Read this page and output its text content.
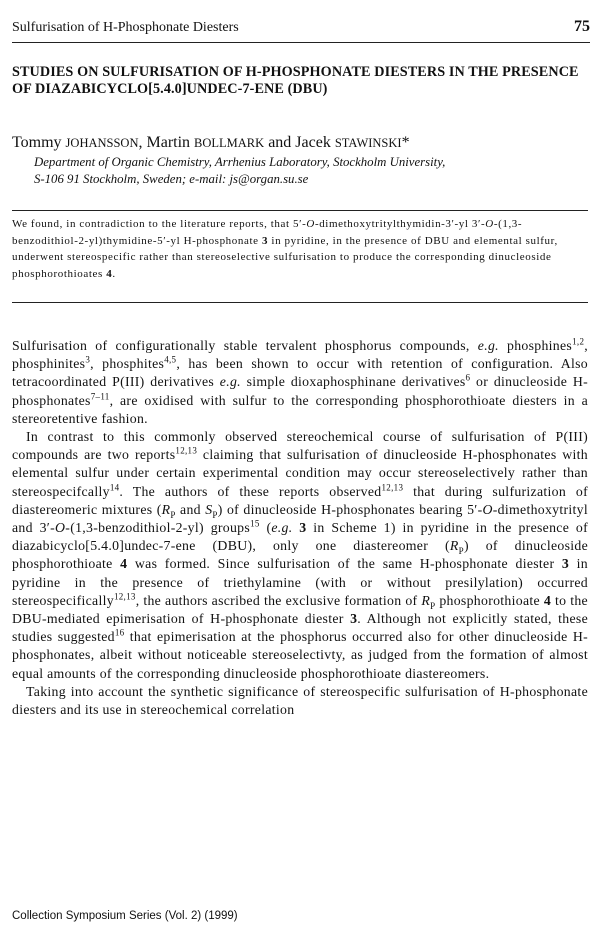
Sulfurisation of H-Phosphonate Diesters	75
STUDIES ON SULFURISATION OF H-PHOSPHONATE DIESTERS IN THE PRESENCE OF DIAZABICYCLO[5.4.0]UNDEC-7-ENE (DBU)
Tommy JOHANSSON, Martin BOLLMARK and Jacek STAWINSKI*
Department of Organic Chemistry, Arrhenius Laboratory, Stockholm University,
S-106 91 Stockholm, Sweden; e-mail: js@organ.su.se

We found, in contradiction to the literature reports, that 5′-O-dimethoxytritylthymidin-3′-yl 3′-O-(1,3-benzodithiol-2-yl)thymidine-5′-yl H-phosphonate 3 in pyridine, in the presence of DBU and elemental sulfur, underwent stereospecific rather than stereoselective sulfurisation to produce the corresponding dinucleoside phosphorothioates 4.

Sulfurisation of configurationally stable tervalent phosphorus compounds, e.g. phosphines$^{1,2}$, phosphinites$^3$, phosphites$^{4,5}$, has been shown to occur with retention of configuration. Also tetracoordinated P(III) derivatives e.g. simple dioxaphosphinane derivatives$^6$ or dinucleoside H-phosphonates$^{7-11}$, are oxidised with sulfur to the corresponding phosphorothioate diesters in a stereoretentive fashion.

In contrast to this commonly observed stereochemical course of sulfurisation of P(III) compounds are two reports$^{12,13}$ claiming that sulfurisation of dinucleoside H-phosphonates with elemental sulfur under certain experimental condition may occur stereoselectively rather than stereospecifcally$^{14}$. The authors of these reports observed$^{12,13}$ that during sulfurization of diastereomeric mixtures ($R_P$ and $S_P$) of dinucleoside H-phosphonates bearing 5′-O-dimethoxytrityl and 3′-O-(1,3-benzodithiol-2-yl) groups$^{15}$ (e.g. 3 in Scheme 1) in pyridine in the presence of diazabicyclo[5.4.0]undec-7-ene (DBU), only one diastereomer $(R_P)$ of dinucleoside phosphorothioate 4 was formed. Since sulfurisation of the same H-phosphonate diester 3 in pyridine in the presence of triethylamine (with or without presilylation) occurred stereospecifically$^{12,13}$, the authors ascribed the exclusive formation of $R_P$ phosphorothioate 4 to the DBU-mediated epimerisation of H-phosphonate diester 3. Although not explicitly stated, these studies suggested$^{16}$ that epimerisation at the phosphorus occurred also for other dinucleoside H-phosphonates, albeit without noticeable stereoselectivty, as judged from the formation of almost equal amounts of the corresponding dinucleoside phosphorothioate diastereomers.

Taking into account the synthetic significance of stereospecific sulfurisation of H-phosphonate diesters and its use in stereochemical correlation

Collection Symposium Series (Vol. 2) (1999)
